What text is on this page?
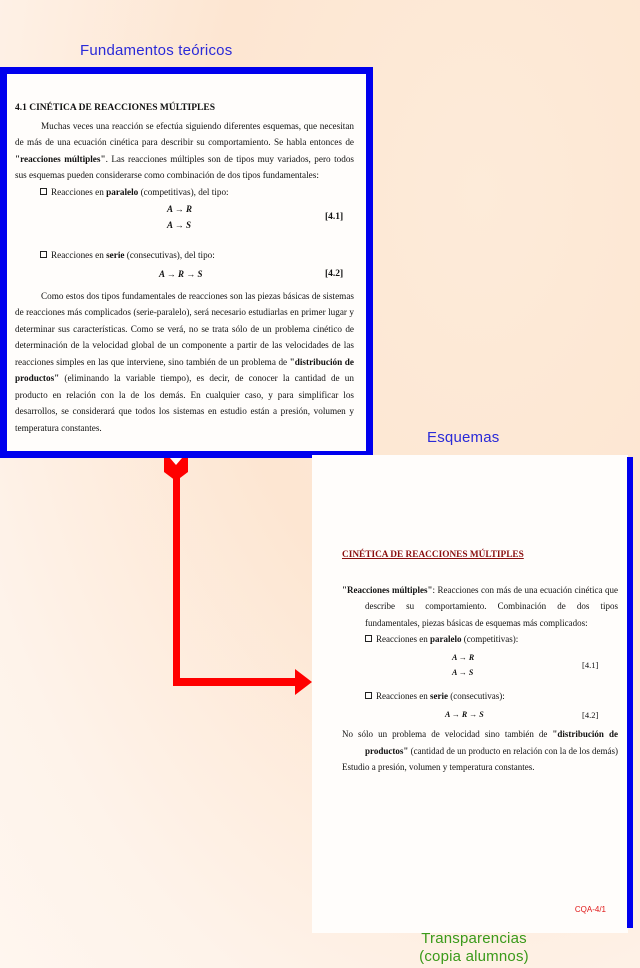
Fundamentos teóricos
4.1 CINÉTICA DE REACCIONES MÚLTIPLES

Muchas veces una reacción se efectúa siguiendo diferentes esquemas, que necesitan de más de una ecuación cinética para describir su comportamiento. Se habla entonces de "reacciones múltiples". Las reacciones múltiples son de tipos muy variados, pero todos sus esquemas pueden considerarse como combinación de dos tipos fundamentales:

Reacciones en paralelo (competitivas), del tipo:

A → R
A → S
[4.1]

Reacciones en serie (consecutivas), del tipo:

A → R → S	[4.2]

Como estos dos tipos fundamentales de reacciones son las piezas básicas de sistemas de reacciones más complicados (serie-paralelo), será necesario estudiarlas en primer lugar y determinar sus características. Como se verá, no se trata sólo de un problema cinético de determinación de la velocidad global de un componente a partir de las velocidades de las reacciones simples en las que interviene, sino también de un problema de "distribución de productos" (eliminando la variable tiempo), es decir, de conocer la cantidad de un producto en relación con la de los demás. En cualquier caso, y para simplificar los desarrollos, se considerará que todos los sistemas en estudio están a presión, volumen y temperatura constantes.

Esquemas
CINÉTICA DE REACCIONES MÚLTIPLES

"Reacciones múltiples": Reacciones con más de una ecuación cinética que describe su comportamiento. Combinación de dos tipos fundamentales, piezas básicas de esquemas más complicados:

Reacciones en paralelo (competitivas):

A → R
A → S
[4.1]

Reacciones en serie (consecutivas):

A → R → S	[4.2]

No sólo un problema de velocidad sino también de "distribución de productos" (cantidad de un producto en relación con la de los demás)

Estudio a presión, volumen y temperatura constantes.

CQA-4/1
Transparencias
(copia alumnos)
